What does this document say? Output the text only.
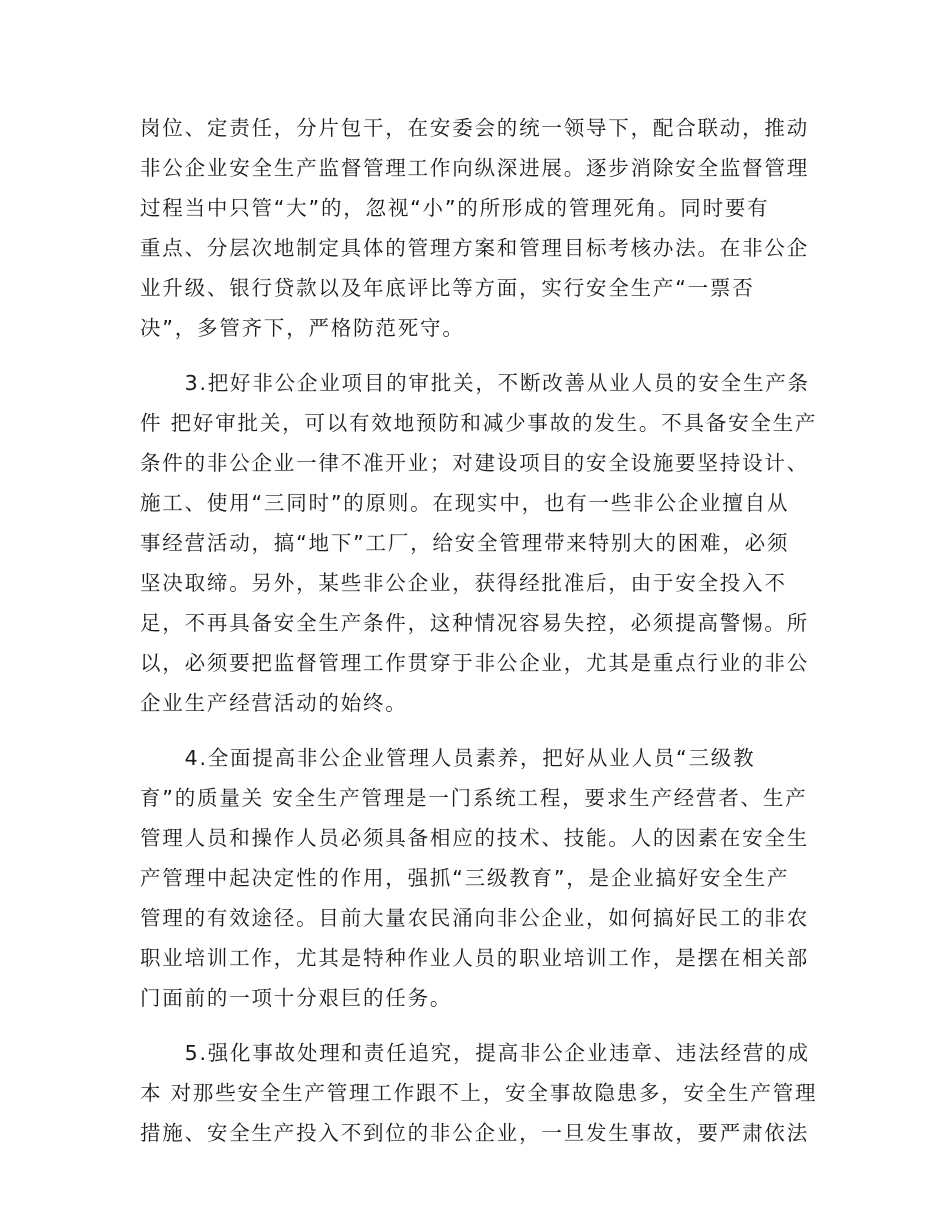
岗位、定责任，分片包干，在安委会的统一领导下，配合联动，推动
非公企业安全生产监督管理工作向纵深进展。逐步消除安全监督管理
过程当中只管“大”的，忽视“小”的所形成的管理死角。同时要有
重点、分层次地制定具体的管理方案和管理目标考核办法。在非公企
业升级、银行贷款以及年底评比等方面，实行安全生产“一票否
决”，多管齐下，严格防范死守。
　　3.把好非公企业项目的审批关，不断改善从业人员的安全生产条
件 把好审批关，可以有效地预防和减少事故的发生。不具备安全生产
条件的非公企业一律不准开业；对建设项目的安全设施要坚持设计、
施工、使用“三同时”的原则。在现实中，也有一些非公企业擅自从
事经营活动，搞“地下”工厂，给安全管理带来特别大的困难，必须
坚决取缔。另外，某些非公企业，获得经批准后，由于安全投入不
足，不再具备安全生产条件，这种情况容易失控，必须提高警惕。所
以，必须要把监督管理工作贯穿于非公企业，尤其是重点行业的非公
企业生产经营活动的始终。
　　4.全面提高非公企业管理人员素养，把好从业人员“三级教
育”的质量关 安全生产管理是一门系统工程，要求生产经营者、生产
管理人员和操作人员必须具备相应的技术、技能。人的因素在安全生
产管理中起决定性的作用，强抓“三级教育”，是企业搞好安全生产
管理的有效途径。目前大量农民涌向非公企业，如何搞好民工的非农
职业培训工作，尤其是特种作业人员的职业培训工作，是摆在相关部
门面前的一项十分艰巨的任务。
　　5.强化事故处理和责任追究，提高非公企业违章、违法经营的成
本 对那些安全生产管理工作跟不上，安全事故隐患多，安全生产管理
措施、安全生产投入不到位的非公企业，一旦发生事故，要严肃依法
